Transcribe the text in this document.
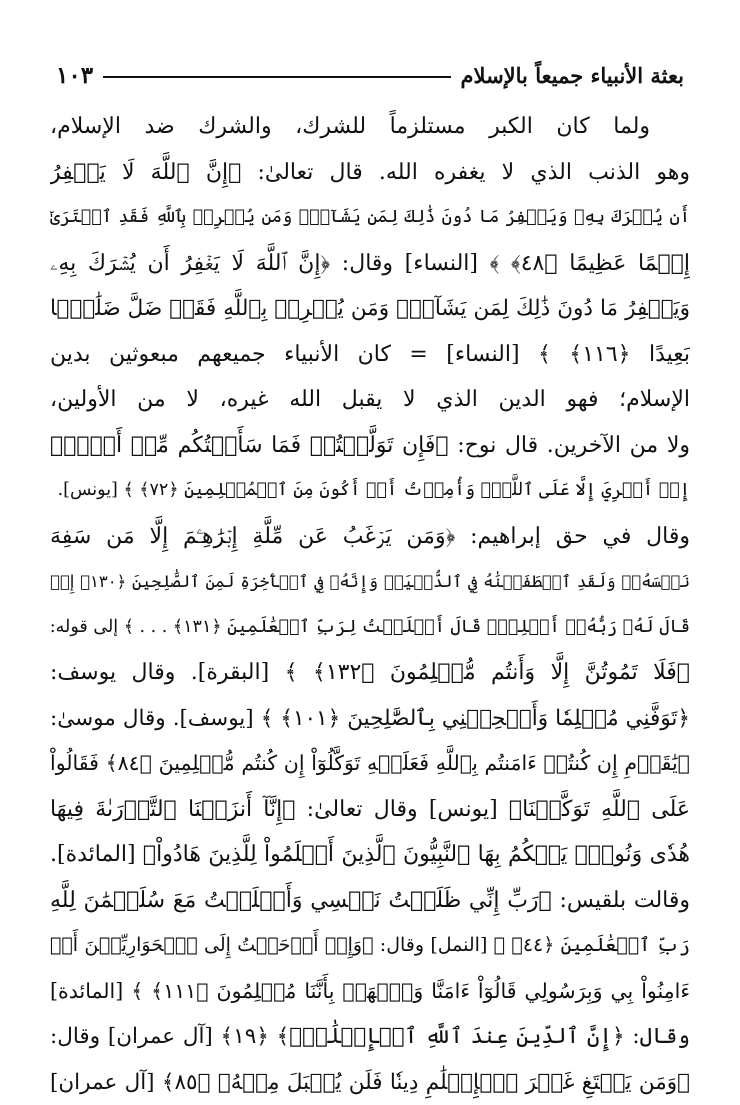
بعثة الأنبياء جميعاً بالإسلام
١٠٣
ولما كان الكبر مستلزماً للشرك، والشرك ضد الإسلام،
وهو الذنب الذي لا يغفره الله. قال تعالىٰ: ﴿إِنَّ ٱللَّهَ لَا يَغۡفِرُ
أَن يُشۡرَكَ بِهِۦ وَيَغۡفِرُ مَا دُونَ ذَٰلِكَ لِمَن يَشَآءُۚ وَمَن يُشۡرِكۡ بِٱللَّهِ فَقَدِ ٱفۡتَرَىٰٓ
إِثۡمًا عَظِيمًا ﴿٤٨﴾ ﴾ [النساء] وقال: ﴿إِنَّ ٱللَّهَ لَا يَغۡفِرُ أَن يُشۡرَكَ بِهِۦ
وَيَغۡفِرُ مَا دُونَ ذَٰلِكَ لِمَن يَشَآءُۚ وَمَن يُشۡرِكۡ بِٱللَّهِ فَقَدۡ ضَلَّ ضَلَٰلَۢا
بَعِيدًا ﴿١١٦﴾ ﴾ [النساء] = كان الأنبياء جميعهم مبعوثين بدين
الإسلام؛ فهو الدين الذي لا يقبل الله غيره، لا من الأولين،
ولا من الآخرين. قال نوح: ﴿فَإِن تَوَلَّيۡتُمۡ فَمَا سَأَلۡتُكُم مِّنۡ أَجۡرٍۖ
إِنۡ أَجۡرِيَ إِلَّا عَلَى ٱللَّهِۖ وَأُمِرۡتُ أَنۡ أَكُونَ مِنَ ٱلۡمُسۡلِمِينَ ﴿٧٢﴾ ﴾ [يونس].
وقال في حق إبراهيم: ﴿وَمَن يَرۡغَبُ عَن مِّلَّةِ إِبۡرَٰهِـۧمَ إِلَّا مَن سَفِهَ
نَفۡسَهُۥۚ وَلَقَدِ ٱصۡطَفَيۡنَٰهُ فِي ٱلدُّنۡيَاۖ وَإِنَّهُۥ فِي ٱلۡأٓخِرَةِ لَمِنَ ٱلصَّٰلِحِينَ ﴿١٣٠﴾ إِذۡ
قَالَ لَهُۥ رَبُّهُۥٓ أَسۡلِمۡۖ قَالَ أَسۡلَمۡتُ لِرَبِّ ٱلۡعَٰلَمِينَ ﴿١٣١﴾ . . . ﴾ إلى قوله:
﴿فَلَا تَمُوتُنَّ إِلَّا وَأَنتُم مُّسۡلِمُونَ ﴿١٣٢﴾ ﴾ [البقرة]. وقال يوسف:
﴿تَوَفَّنِي مُسۡلِمٗا وَأَلۡحِقۡنِي بِٱلصَّٰلِحِينَ ﴿١٠١﴾ ﴾ [يوسف]. وقال موسىٰ:
﴿يَٰقَوۡمِ إِن كُنتُمۡ ءَامَنتُم بِٱللَّهِ فَعَلَيۡهِ تَوَكَّلُوٓاْ إِن كُنتُم مُّسۡلِمِينَ ﴿٨٤﴾ فَقَالُواْ
عَلَى ٱللَّهِ تَوَكَّلۡنَا﴾ [يونس] وقال تعالىٰ: ﴿إِنَّآ أَنزَلۡنَا ٱلتَّوۡرَىٰةَ فِيهَا
هُدٗى وَنُورٞۚ يَحۡكُمُ بِهَا ٱلنَّبِيُّونَ ٱلَّذِينَ أَسۡلَمُواْ لِلَّذِينَ هَادُواْ﴾ [المائدة].
وقالت بلقيس: ﴿رَبِّ إِنِّي ظَلَمۡتُ نَفۡسِي وَأَسۡلَمۡتُ مَعَ سُلَيۡمَٰنَ لِلَّهِ
رَبِّ ٱلۡعَٰلَمِينَ ﴿٤٤﴾ ﴾ [النمل] وقال: ﴿وَإِذۡ أَوۡحَيۡتُ إِلَى ٱلۡحَوَارِيِّـۧنَ أَنۡ
ءَامِنُواْ بِي وَبِرَسُولِي قَالُوٓاْ ءَامَنَّا وَٱشۡهَدۡ بِأَنَّنَا مُسۡلِمُونَ ﴿١١١﴾ ﴾ [المائدة]
وقال: ﴿إِنَّ ٱلدِّينَ عِندَ ٱللَّهِ ٱلۡإِسۡلَٰمُۗ﴾ ﴿١٩﴾ [آل عمران] وقال:
﴿وَمَن يَبۡتَغِ غَيۡرَ ٱلۡإِسۡلَٰمِ دِينٗا فَلَن يُقۡبَلَ مِنۡهُ﴾ ﴿٨٥﴾ [آل عمران]
